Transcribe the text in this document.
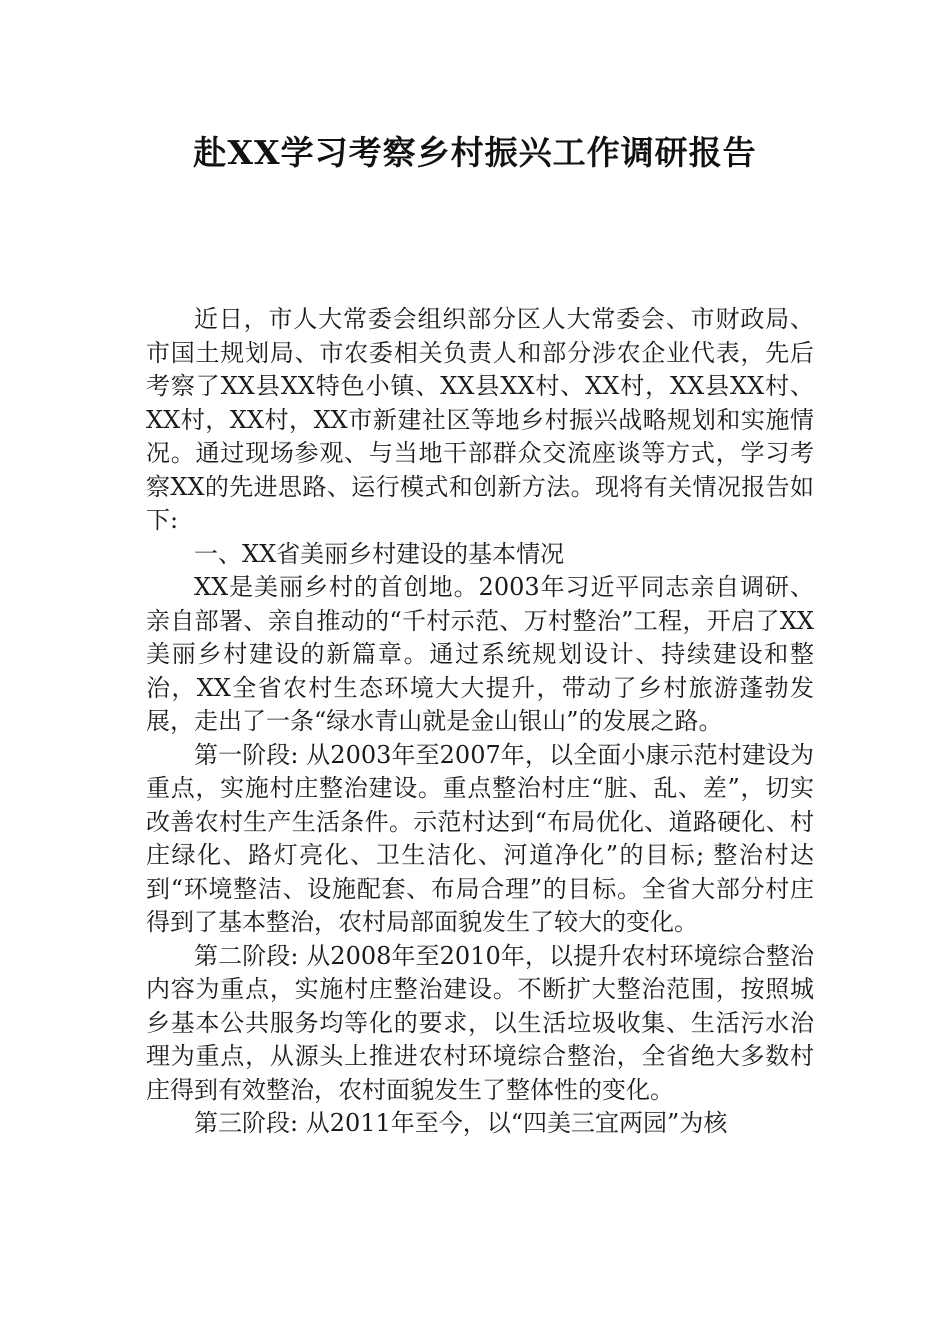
赴XX学习考察乡村振兴工作调研报告

近日，市人大常委会组织部分区人大常委会、市财政局、市国土规划局、市农委相关负责人和部分涉农企业代表，先后考察了XX县XX特色小镇、XX县XX村、XX村，XX县XX村、XX村，XX村，XX市新建社区等地乡村振兴战略规划和实施情况。通过现场参观、与当地干部群众交流座谈等方式，学习考察XX的先进思路、运行模式和创新方法。现将有关情况报告如下:

一、XX省美丽乡村建设的基本情况

XX是美丽乡村的首创地。2003年习近平同志亲自调研、亲自部署、亲自推动的“千村示范、万村整治”工程，开启了XX美丽乡村建设的新篇章。通过系统规划设计、持续建设和整治，XX全省农村生态环境大大提升，带动了乡村旅游蓬勃发展，走出了一条“绿水青山就是金山银山”的发展之路。

第一阶段: 从2003年至2007年，以全面小康示范村建设为重点，实施村庄整治建设。重点整治村庄“脏、乱、差”，切实改善农村生产生活条件。示范村达到“布局优化、道路硬化、村庄绿化、路灯亮化、卫生洁化、河道净化”的目标; 整治村达到“环境整洁、设施配套、布局合理”的目标。全省大部分村庄得到了基本整治，农村局部面貌发生了较大的变化。

第二阶段: 从2008年至2010年，以提升农村环境综合整治内容为重点，实施村庄整治建设。不断扩大整治范围，按照城乡基本公共服务均等化的要求，以生活垃圾收集、生活污水治理为重点，从源头上推进农村环境综合整治，全省绝大多数村庄得到有效整治，农村面貌发生了整体性的变化。

第三阶段: 从2011年至今，以“四美三宜两园”为核
